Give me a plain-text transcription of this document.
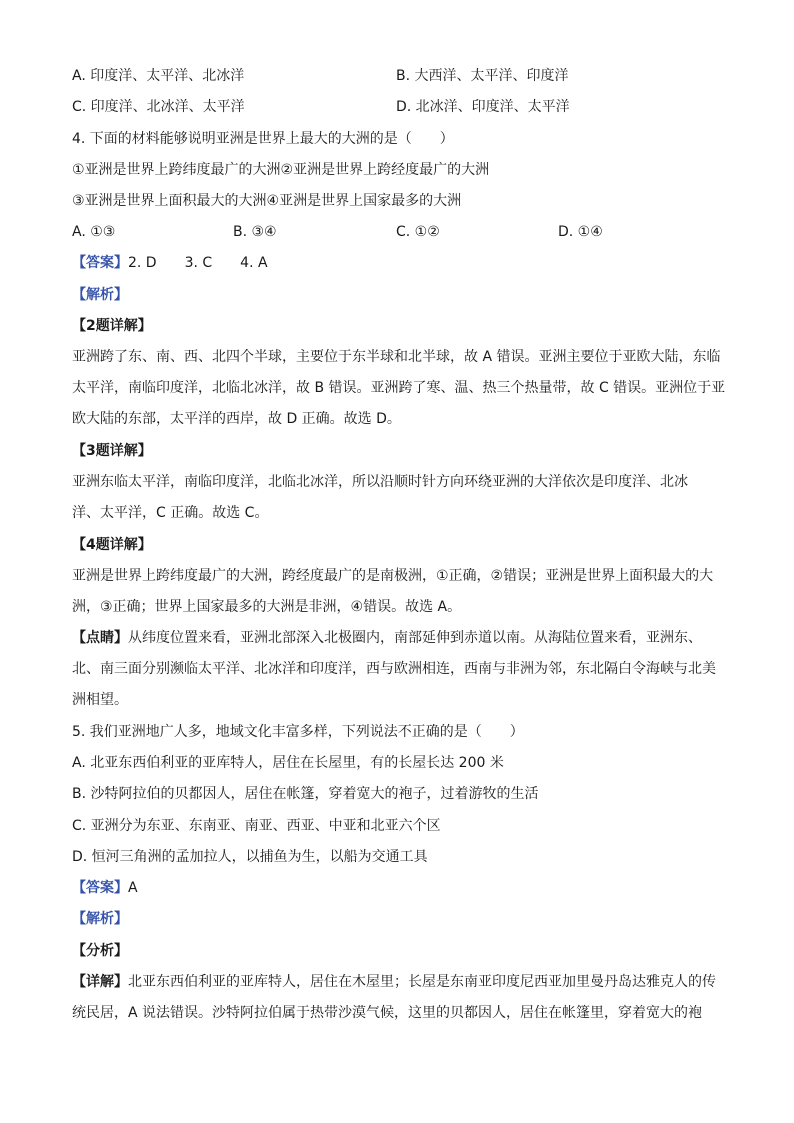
A. 印度洋、太平洋、北冰洋	B. 大西洋、太平洋、印度洋
C. 印度洋、北冰洋、太平洋	D. 北冰洋、印度洋、太平洋
4. 下面的材料能够说明亚洲是世界上最大的大洲的是（　　）
①亚洲是世界上跨纬度最广的大洲②亚洲是世界上跨经度最广的大洲
③亚洲是世界上面积最大的大洲④亚洲是世界上国家最多的大洲
A. ①③	B. ③④	C. ①②	D. ①④
【答案】2. D　　3. C　　4. A
【解析】
【2题详解】
亚洲跨了东、南、西、北四个半球，主要位于东半球和北半球，故 A 错误。亚洲主要位于亚欧大陆，东临
太平洋，南临印度洋，北临北冰洋，故 B 错误。亚洲跨了寒、温、热三个热量带，故 C 错误。亚洲位于亚
欧大陆的东部，太平洋的西岸，故 D 正确。故选 D。
【3题详解】
亚洲东临太平洋，南临印度洋，北临北冰洋，所以沿顺时针方向环绕亚洲的大洋依次是印度洋、北冰
洋、太平洋，C 正确。故选 C。
【4题详解】
亚洲是世界上跨纬度最广的大洲，跨经度最广的是南极洲，①正确，②错误；亚洲是世界上面积最大的大
洲，③正确；世界上国家最多的大洲是非洲，④错误。故选 A。
【点睛】从纬度位置来看，亚洲北部深入北极圈内，南部延伸到赤道以南。从海陆位置来看，亚洲东、
北、南三面分别濒临太平洋、北冰洋和印度洋，西与欧洲相连，西南与非洲为邻，东北隔白令海峡与北美
洲相望。
5. 我们亚洲地广人多，地域文化丰富多样，下列说法不正确的是（　　）
A. 北亚东西伯利亚的亚库特人，居住在长屋里，有的长屋长达 200 米
B. 沙特阿拉伯的贝都因人，居住在帐篷，穿着宽大的袍子，过着游牧的生活
C. 亚洲分为东亚、东南亚、南亚、西亚、中亚和北亚六个区
D. 恒河三角洲的孟加拉人，以捕鱼为生，以船为交通工具
【答案】A
【解析】
【分析】
【详解】北亚东西伯利亚的亚库特人，居住在木屋里；长屋是东南亚印度尼西亚加里曼丹岛达雅克人的传
统民居，A 说法错误。沙特阿拉伯属于热带沙漠气候，这里的贝都因人，居住在帐篷里，穿着宽大的袍
